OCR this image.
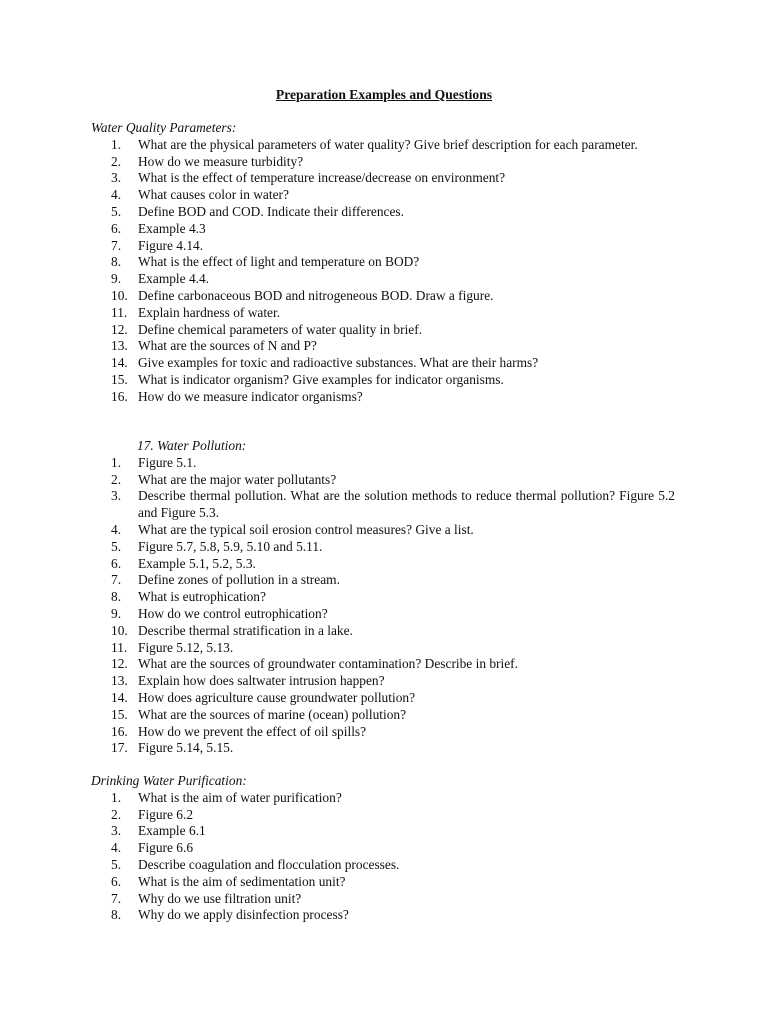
Preparation Examples and Questions
Water Quality Parameters:
1.	What are the physical parameters of water quality? Give brief description for each parameter.
2.	How do we measure turbidity?
3.	What is the effect of temperature increase/decrease on environment?
4.	What causes color in water?
5.	Define BOD and COD. Indicate their differences.
6.	Example 4.3
7.	Figure 4.14.
8.	What is the effect of light and temperature on BOD?
9.	Example 4.4.
10. Define carbonaceous BOD and nitrogeneous BOD. Draw a figure.
11. Explain hardness of water.
12. Define chemical parameters of water quality in brief.
13. What are the sources of N and P?
14. Give examples for toxic and radioactive substances. What are their harms?
15. What is indicator organism? Give examples for indicator organisms.
16. How do we measure indicator organisms?
17. Water Pollution:
1.	Figure 5.1.
2.	What are the major water pollutants?
3.	Describe thermal pollution. What are the solution methods to reduce thermal pollution? Figure 5.2 and Figure 5.3.
4.	What are the typical soil erosion control measures? Give a list.
5.	Figure 5.7, 5.8, 5.9, 5.10 and 5.11.
6.	Example 5.1, 5.2, 5.3.
7.	Define zones of pollution in a stream.
8.	What is eutrophication?
9.	How do we control eutrophication?
10. Describe thermal stratification in a lake.
11. Figure 5.12, 5.13.
12. What are the sources of groundwater contamination? Describe in brief.
13. Explain how does saltwater intrusion happen?
14. How does agriculture cause groundwater pollution?
15. What are the sources of marine (ocean) pollution?
16. How do we prevent the effect of oil spills?
17. Figure 5.14, 5.15.
Drinking Water Purification:
1.	What is the aim of water purification?
2.	Figure 6.2
3.	Example 6.1
4.	Figure 6.6
5.	Describe coagulation and flocculation processes.
6.	What is the aim of sedimentation unit?
7.	Why do we use filtration unit?
8.	Why do we apply disinfection process?
